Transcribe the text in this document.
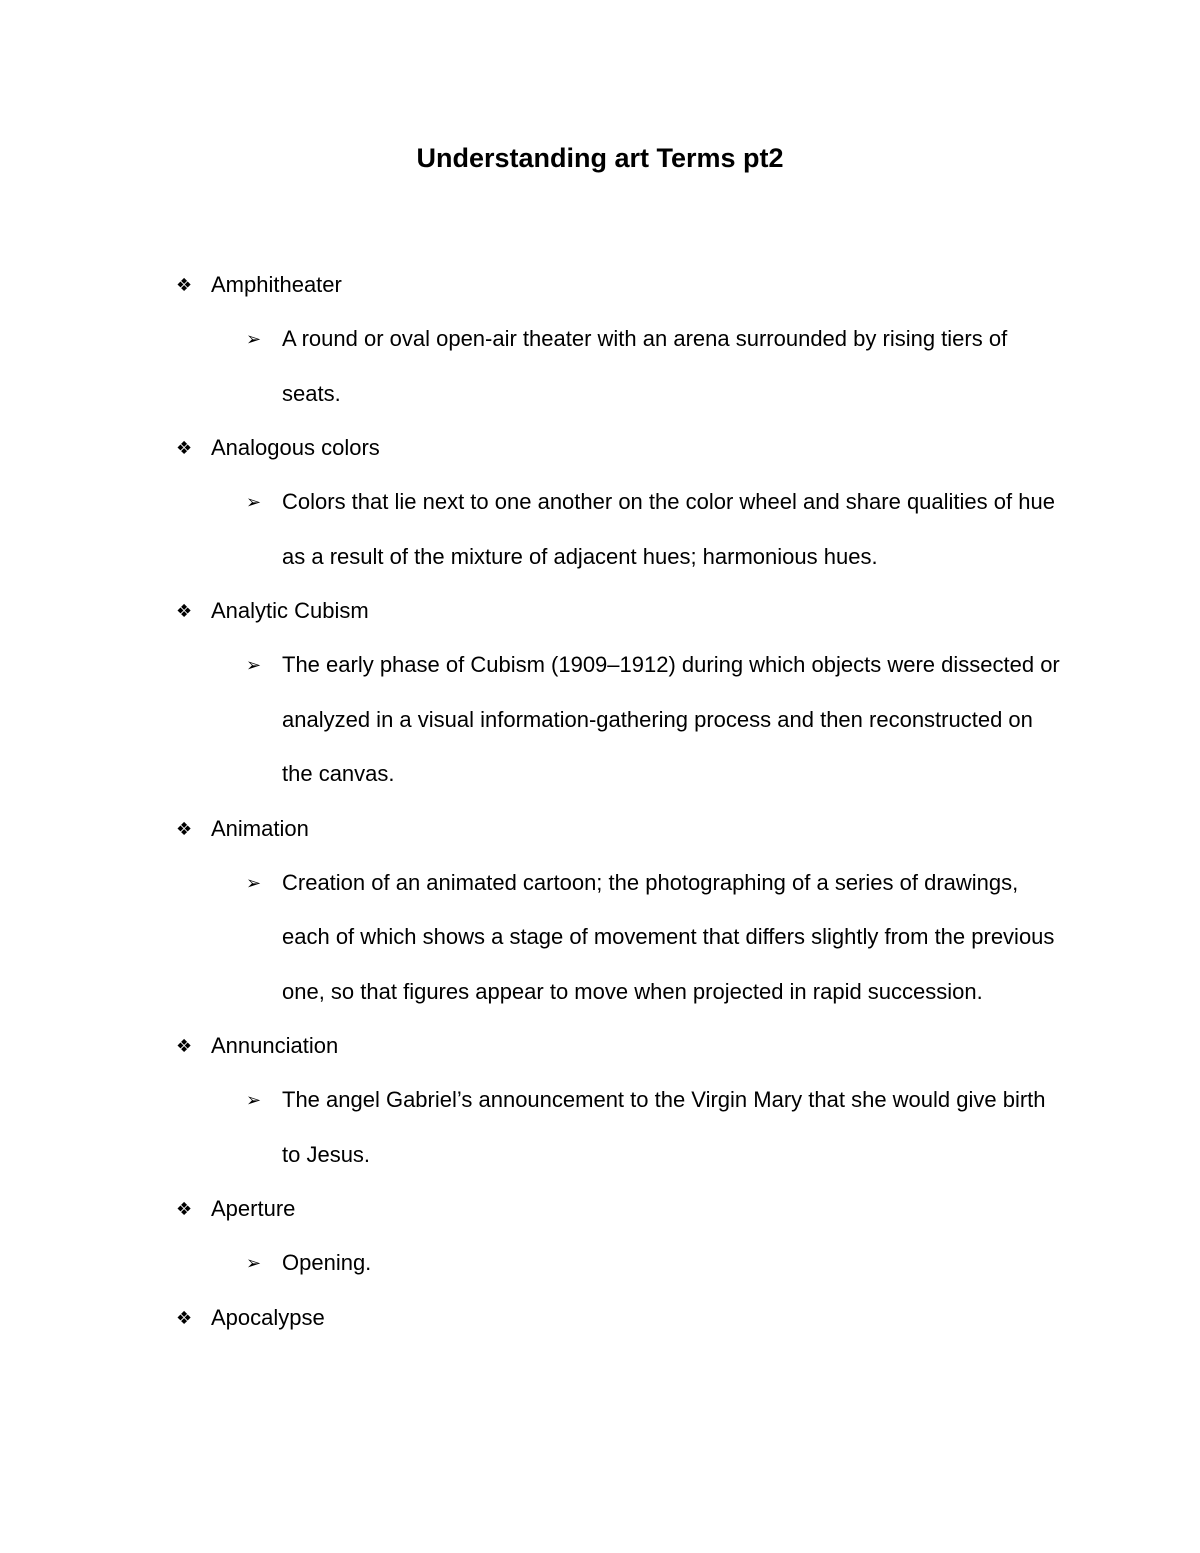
Understanding art Terms pt2
❖ Amphitheater
➢ A round or oval open-air theater with an arena surrounded by rising tiers of seats.
❖ Analogous colors
➢ Colors that lie next to one another on the color wheel and share qualities of hue as a result of the mixture of adjacent hues; harmonious hues.
❖ Analytic Cubism
➢ The early phase of Cubism (1909–1912) during which objects were dissected or analyzed in a visual information-gathering process and then reconstructed on the canvas.
❖ Animation
➢ Creation of an animated cartoon; the photographing of a series of drawings, each of which shows a stage of movement that differs slightly from the previous one, so that figures appear to move when projected in rapid succession.
❖ Annunciation
➢ The angel Gabriel’s announcement to the Virgin Mary that she would give birth to Jesus.
❖ Aperture
➢ Opening.
❖ Apocalypse
